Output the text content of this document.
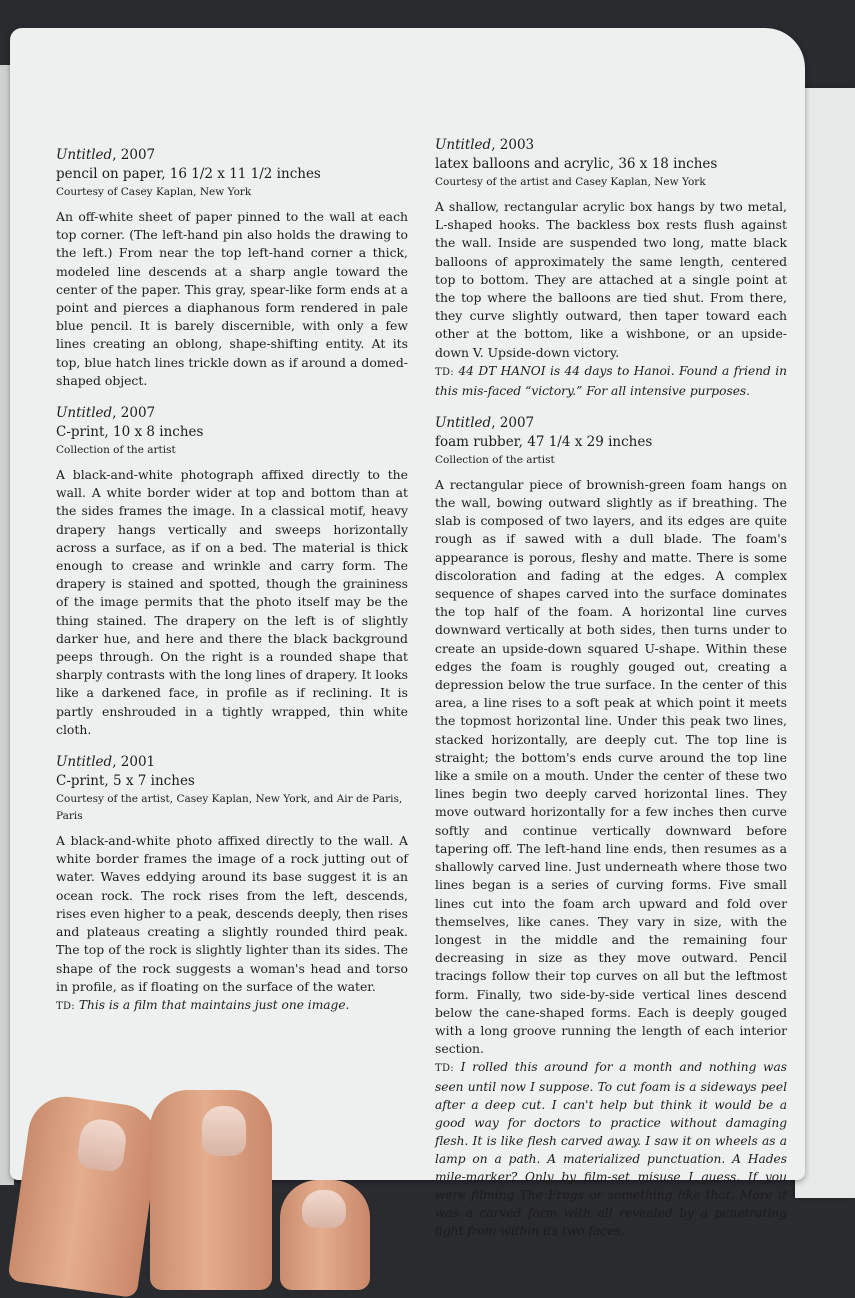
Untitled, 2007
pencil on paper, 16 1/2 x 11 1/2 inches
Courtesy of Casey Kaplan, New York

An off-white sheet of paper pinned to the wall at each top corner. (The left-hand pin also holds the drawing to the left.) From near the top left-hand corner a thick, modeled line descends at a sharp angle toward the center of the paper. This gray, spear-like form ends at a point and pierces a diaphanous form rendered in pale blue pencil. It is barely discernible, with only a few lines creating an oblong, shape-shifting entity. At its top, blue hatch lines trickle down as if around a domed-shaped object.

Untitled, 2007
C-print, 10 x 8 inches
Collection of the artist

A black-and-white photograph affixed directly to the wall. A white border wider at top and bottom than at the sides frames the image. In a classical motif, heavy drapery hangs vertically and sweeps horizontally across a surface, as if on a bed. The material is thick enough to crease and wrinkle and carry form. The drapery is stained and spotted, though the graininess of the image permits that the photo itself may be the thing stained. The drapery on the left is of slightly darker hue, and here and there the black background peeps through. On the right is a rounded shape that sharply contrasts with the long lines of drapery. It looks like a darkened face, in profile as if reclining. It is partly enshrouded in a tightly wrapped, thin white cloth.

Untitled, 2001
C-print, 5 x 7 inches
Courtesy of the artist, Casey Kaplan, New York, and Air de Paris, Paris

A black-and-white photo affixed directly to the wall. A white border frames the image of a rock jutting out of water. Waves eddying around its base suggest it is an ocean rock. The rock rises from the left, descends, rises even higher to a peak, descends deeply, then rises and plateaus creating a slightly rounded third peak. The top of the rock is slightly lighter than its sides. The shape of the rock suggests a woman's head and torso in profile, as if floating on the surface of the water.

TD: This is a film that maintains just one image.

Untitled, 2003
latex balloons and acrylic, 36 x 18 inches
Courtesy of the artist and Casey Kaplan, New York

A shallow, rectangular acrylic box hangs by two metal, L-shaped hooks. The backless box rests flush against the wall. Inside are suspended two long, matte black balloons of approximately the same length, centered top to bottom. They are attached at a single point at the top where the balloons are tied shut. From there, they curve slightly outward, then taper toward each other at the bottom, like a wishbone, or an upside-down V. Upside-down victory.

TD: 44 DT HANOI is 44 days to Hanoi. Found a friend in this mis-faced “victory.” For all intensive purposes.

Untitled, 2007
foam rubber, 47 1/4 x 29 inches
Collection of the artist

A rectangular piece of brownish-green foam hangs on the wall, bowing outward slightly as if breathing. The slab is composed of two layers, and its edges are quite rough as if sawed with a dull blade. The foam's appearance is porous, fleshy and matte. There is some discoloration and fading at the edges. A complex sequence of shapes carved into the surface dominates the top half of the foam. A horizontal line curves downward vertically at both sides, then turns under to create an upside-down squared U-shape. Within these edges the foam is roughly gouged out, creating a depression below the true surface. In the center of this area, a line rises to a soft peak at which point it meets the topmost horizontal line. Under this peak two lines, stacked horizontally, are deeply cut. The top line is straight; the bottom's ends curve around the top line like a smile on a mouth. Under the center of these two lines begin two deeply carved horizontal lines. They move outward horizontally for a few inches then curve softly and continue vertically downward before tapering off. The left-hand line ends, then resumes as a shallowly carved line. Just underneath where those two lines began is a series of curving forms. Five small lines cut into the foam arch upward and fold over themselves, like canes. They vary in size, with the longest in the middle and the remaining four decreasing in size as they move outward. Pencil tracings follow their top curves on all but the leftmost form. Finally, two side-by-side vertical lines descend below the cane-shaped forms. Each is deeply gouged with a long groove running the length of each interior section.

TD: I rolled this around for a month and nothing was seen until now I suppose. To cut foam is a sideways peel after a deep cut. I can't help but think it would be a good way for doctors to practice without damaging flesh. It is like flesh carved away. I saw it on wheels as a lamp on a path. A materialized punctuation. A Hades mile-marker? Only by film-set misuse I guess. If you were filming The Frogs or something like that. More it was a carved form with all revealed by a penetrating light from within its two faces.
